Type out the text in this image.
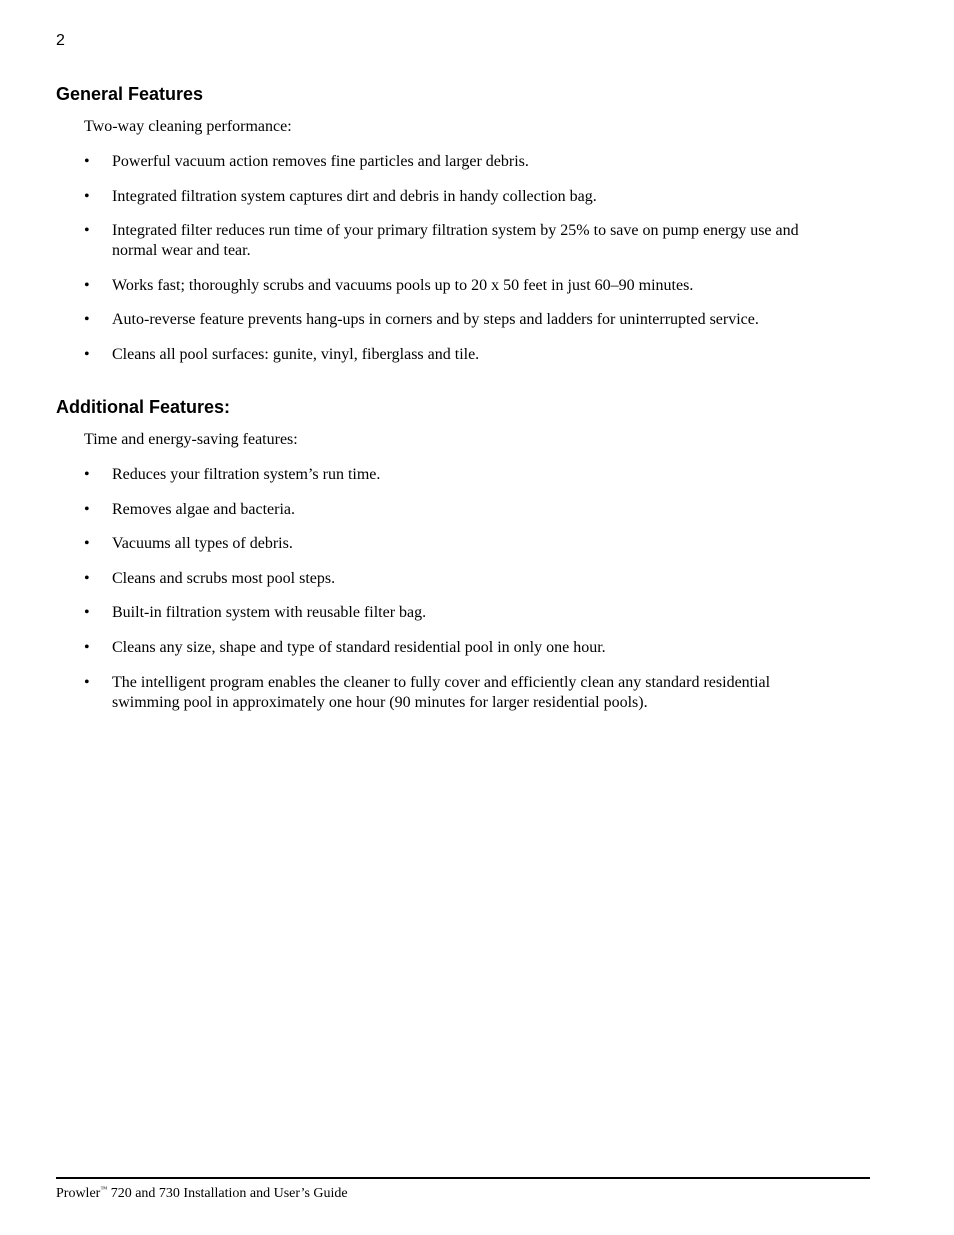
2
General Features

Two-way cleaning performance:

• Powerful vacuum action removes fine particles and larger debris.
• Integrated filtration system captures dirt and debris in handy collection bag.
• Integrated filter reduces run time of your primary filtration system by 25% to save on pump energy use and normal wear and tear.
• Works fast; thoroughly scrubs and vacuums pools up to 20 x 50 feet in just 60–90 minutes.
• Auto-reverse feature prevents hang-ups in corners and by steps and ladders for uninterrupted service.
• Cleans all pool surfaces: gunite, vinyl, fiberglass and tile.
Additional Features:

Time and energy-saving features:

• Reduces your filtration system’s run time.
• Removes algae and bacteria.
• Vacuums all types of debris.
• Cleans and scrubs most pool steps.
• Built-in filtration system with reusable filter bag.
• Cleans any size, shape and type of standard residential pool in only one hour.
• The intelligent program enables the cleaner to fully cover and efficiently clean any standard residential swimming pool in approximately one hour (90 minutes for larger residential pools).
Prowler™ 720 and 730 Installation and User’s Guide
